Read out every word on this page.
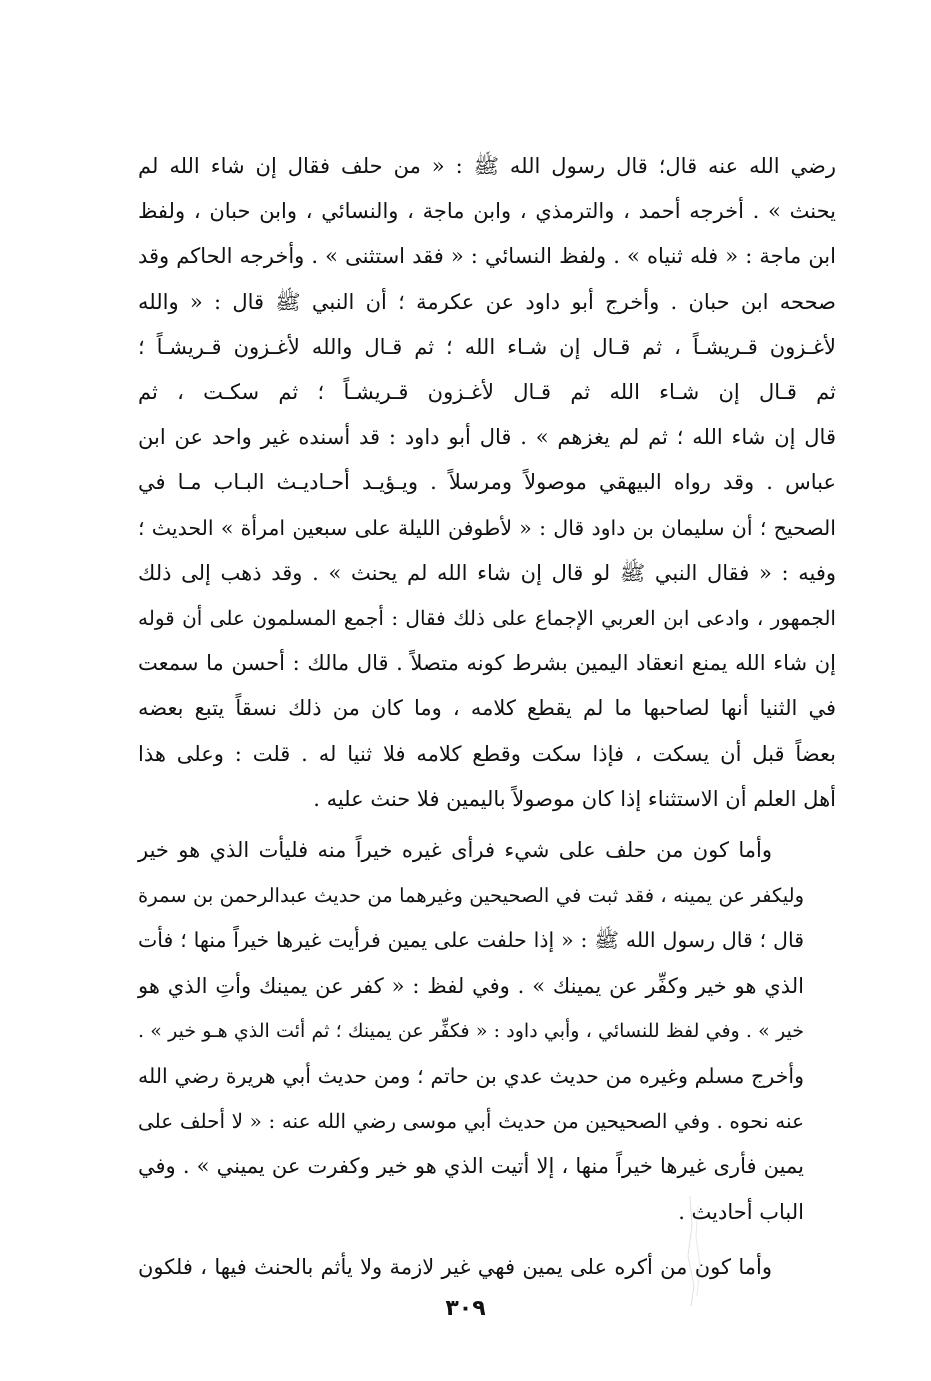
رضي الله عنه قال؛ قال رسول الله ﷺ : « من حلف فقال إن شاء الله لم
يحنث » . أخرجه أحمد ، والترمذي ، وابن ماجة ، والنسائي ، وابن حبان ، ولفظ
ابن ماجة : « فله ثنياه » . ولفظ النسائي : « فقد استثنى » . وأخرجه الحاكم وقد
صححه ابن حبان . وأخرج أبو داود عن عكرمة ؛ أن النبي ﷺ قال : « والله
لأغـزون قـريشـاً ، ثم قـال إن شـاء الله ؛ ثم قـال والله لأغـزون قـريشـاً ؛
ثم قـال إن شـاء الله ثم قـال لأغـزون قـريشـاً ؛ ثم سكـت ، ثم
قال إن شاء الله ؛ ثم لم يغزهم » . قال أبو داود : قد أسنده غير واحد عن ابن
عباس . وقد رواه البيهقي موصولاً ومرسلاً . ويـؤيـد أحـاديـث البـاب مـا في
الصحيح ؛ أن سليمان بن داود قال : « لأطوفن الليلة على سبعين امرأة » الحديث ؛
وفيه : « فقال النبي ﷺ لو قال إن شاء الله لم يحنث » . وقد ذهب إلى ذلك
الجمهور ، وادعى ابن العربي الإجماع على ذلك فقال : أجمع المسلمون على أن قوله
إن شاء الله يمنع انعقاد اليمين بشرط كونه متصلاً . قال مالك : أحسن ما سمعت
في الثنيا أنها لصاحبها ما لم يقطع كلامه ، وما كان من ذلك نسقاً يتبع بعضه
بعضاً قبل أن يسكت ، فإذا سكت وقطع كلامه فلا ثنيا له . قلت : وعلى هذا
أهل العلم أن الاستثناء إذا كان موصولاً باليمين فلا حنث عليه .
وأما كون من حلف على شيء فرأى غيره خيراً منه فليأت الذي هو خير
وليكفر عن يمينه ، فقد ثبت في الصحيحين وغيرهما من حديث عبدالرحمن بن سمرة
قال ؛ قال رسول الله ﷺ : « إذا حلفت على يمين فرأيت غيرها خيراً منها ؛ فأت
الذي هو خير وكفِّر عن يمينك » . وفي لفظ : « كفر عن يمينك وأتِ الذي هو
خير » . وفي لفظ للنسائي ، وأبي داود : « فكفِّر عن يمينك ؛ ثم أئت الذي هـو خير » .
وأخرج مسلم وغيره من حديث عدي بن حاتم ؛ ومن حديث أبي هريرة رضي الله
عنه نحوه . وفي الصحيحين من حديث أبي موسى رضي الله عنه : « لا أحلف على
يمين فأرى غيرها خيراً منها ، إلا أتيت الذي هو خير وكفرت عن يميني » . وفي
الباب أحاديث .
وأما كون من أكره على يمين فهي غير لازمة ولا يأثم بالحنث فيها ، فلكون
٣٠٩
